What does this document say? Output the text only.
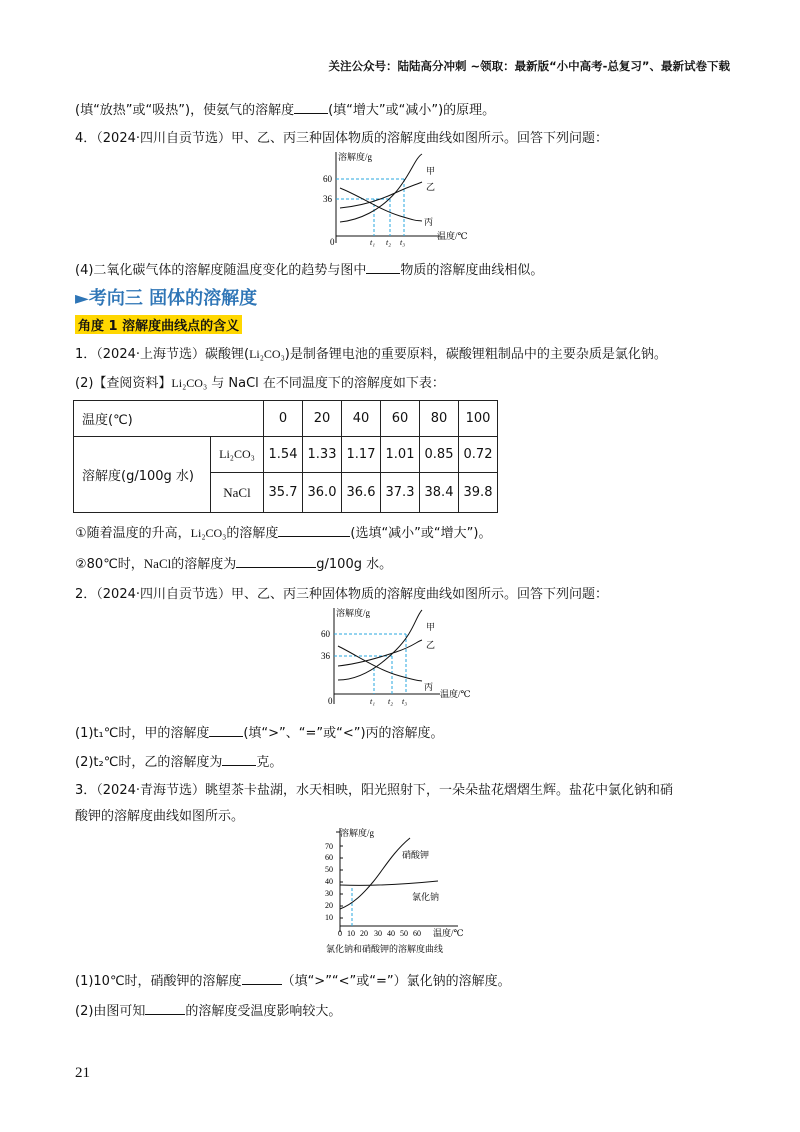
关注公众号：陆陆高分冲刺 ~领取：最新版“小中高考-总复习”、最新试卷下载
(填“放热”或“吸热”)，使氨气的溶解度	(填“增大”或“减小”)的原理。
4．（2024·四川自贡节选）甲、乙、丙三种固体物质的溶解度曲线如图所示。回答下列问题：
溶解度/g
60
36
0	t₁ t₂ t₃
甲
乙
丙
温度/℃
(4)二氧化碳气体的溶解度随温度变化的趋势与图中	物质的溶解度曲线相似。
►考向三 固体的溶解度
角度 1 溶解度曲线点的含义
1．（2024·上海节选）碳酸锂(Li₂CO₃)是制备锂电池的重要原料，碳酸锂粗制品中的主要杂质是氯化钠。
(2)【查阅资料】Li₂CO₃ 与 NaCl 在不同温度下的溶解度如下表：
温度(℃)		0	20	40	60	80	100
溶解度(g/100g 水)	Li₂CO₃	1.54	1.33	1.17	1.01	0.85	0.72
	NaCl	35.7	36.0	36.6	37.3	38.4	39.8
①随着温度的升高，Li₂CO₃的溶解度	(选填“减小”或“增大”)。
②80℃时，NaCl的溶解度为	g/100g 水。
2．（2024·四川自贡节选）甲、乙、丙三种固体物质的溶解度曲线如图所示。回答下列问题：
溶解度/g
60
36
0	t₁ t₂ t₃
甲
乙
丙
温度/℃
(1)t₁℃时，甲的溶解度	(填“>”、“=”或“<”)丙的溶解度。
(2)t₂℃时，乙的溶解度为	克。
3．（2024·青海节选）眺望茶卡盐湖，水天相映，阳光照射下，一朵朵盐花熠熠生辉。盐花中氯化钠和硝
酸钾的溶解度曲线如图所示。
溶解度/g
70
60
50
40
30
20
10
0 10 20 30 40 50 60 温度/℃
硝酸钾
氯化钠
氯化钠和硝酸钾的溶解度曲线
(1)10℃时，硝酸钾的溶解度	（填“>”“<”或“=”）氯化钠的溶解度。
(2)由图可知	的溶解度受温度影响较大。
21
